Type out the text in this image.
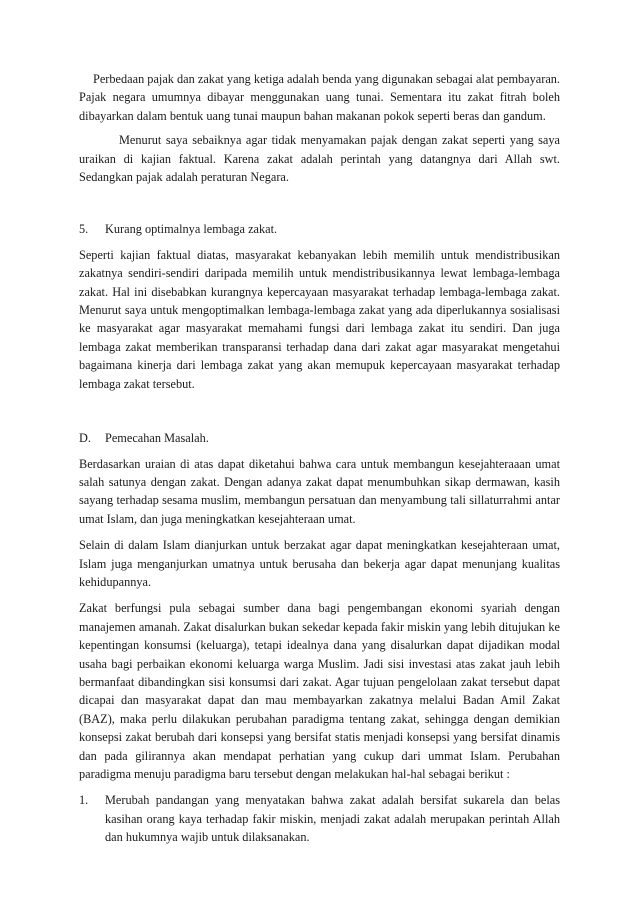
Perbedaan pajak dan zakat yang ketiga adalah benda yang digunakan sebagai alat pembayaran. Pajak negara umumnya dibayar menggunakan uang tunai. Sementara itu zakat fitrah boleh dibayarkan dalam bentuk uang tunai maupun bahan makanan pokok seperti beras dan gandum.

Menurut saya sebaiknya agar tidak menyamakan pajak dengan zakat seperti yang saya uraikan di kajian faktual. Karena zakat adalah perintah yang datangnya dari Allah swt. Sedangkan pajak adalah peraturan Negara.

5.	Kurang optimalnya lembaga zakat.

Seperti kajian faktual diatas, masyarakat kebanyakan lebih memilih untuk mendistribusikan zakatnya sendiri-sendiri daripada memilih untuk mendistribusikannya lewat lembaga-lembaga zakat. Hal ini disebabkan kurangnya kepercayaan masyarakat terhadap lembaga-lembaga zakat. Menurut saya untuk mengoptimalkan lembaga-lembaga zakat yang ada diperlukannya sosialisasi ke masyarakat agar masyarakat memahami fungsi dari lembaga zakat itu sendiri. Dan juga lembaga zakat memberikan transparansi terhadap dana dari zakat agar masyarakat mengetahui bagaimana kinerja dari lembaga zakat yang akan memupuk kepercayaan masyarakat terhadap lembaga zakat tersebut.

D.	Pemecahan Masalah.

Berdasarkan uraian di atas dapat diketahui bahwa cara untuk membangun kesejahteraaan umat salah satunya dengan zakat. Dengan adanya zakat dapat menumbuhkan sikap dermawan, kasih sayang terhadap sesama muslim, membangun persatuan dan menyambung tali sillaturrahmi antar umat Islam, dan juga meningkatkan kesejahteraan umat.

Selain di dalam Islam dianjurkan untuk berzakat agar dapat meningkatkan kesejahteraan umat, Islam juga menganjurkan umatnya untuk berusaha dan bekerja agar dapat menunjang kualitas kehidupannya.

Zakat berfungsi pula sebagai sumber dana bagi pengembangan ekonomi syariah dengan manajemen amanah. Zakat disalurkan bukan sekedar kepada fakir miskin yang lebih ditujukan ke kepentingan konsumsi (keluarga), tetapi idealnya dana yang disalurkan dapat dijadikan modal usaha bagi perbaikan ekonomi keluarga warga Muslim. Jadi sisi investasi atas zakat jauh lebih bermanfaat dibandingkan sisi konsumsi dari zakat. Agar tujuan pengelolaan zakat tersebut dapat dicapai dan masyarakat dapat dan mau membayarkan zakatnya melalui Badan Amil Zakat (BAZ), maka perlu dilakukan perubahan paradigma tentang zakat, sehingga dengan demikian konsepsi zakat berubah dari konsepsi yang bersifat statis menjadi konsepsi yang bersifat dinamis dan pada gilirannya akan mendapat perhatian yang cukup dari ummat Islam. Perubahan paradigma menuju paradigma baru tersebut dengan melakukan hal-hal sebagai berikut :

1.	Merubah pandangan yang menyatakan bahwa zakat adalah bersifat sukarela dan belas kasihan orang kaya terhadap fakir miskin, menjadi zakat adalah merupakan perintah Allah dan hukumnya wajib untuk dilaksanakan.
